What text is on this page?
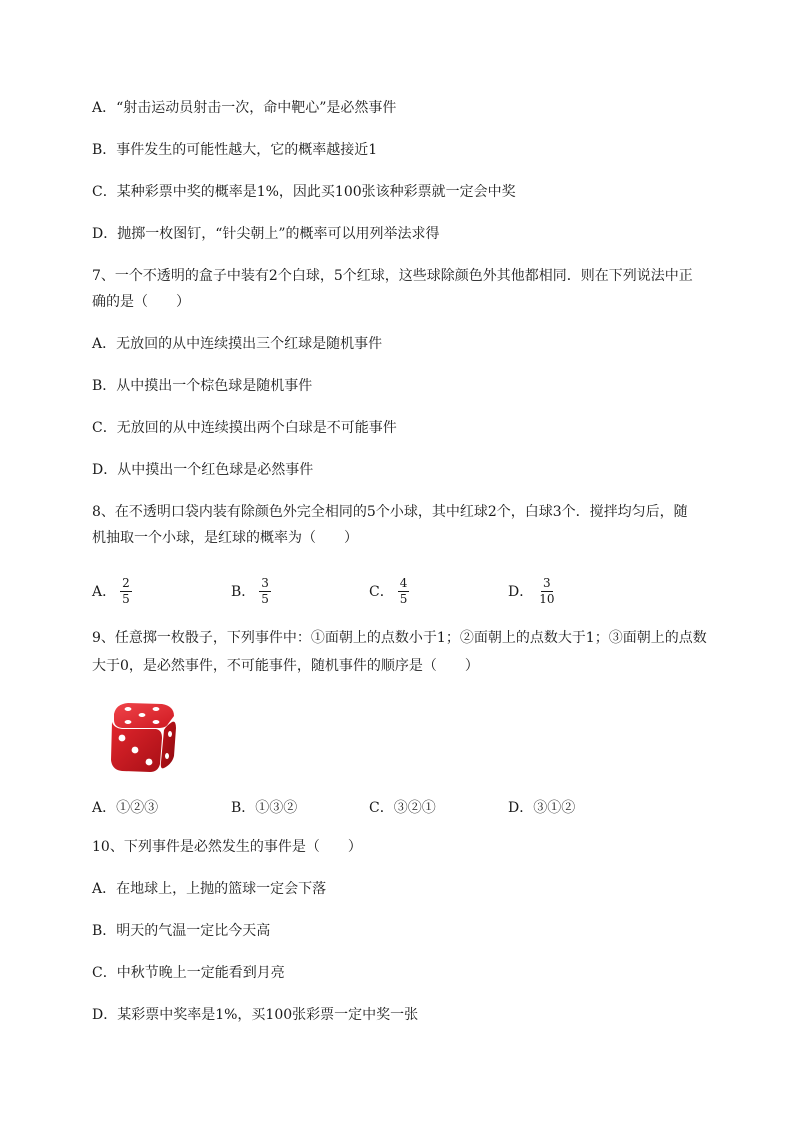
A．“射击运动员射击一次，命中靶心”是必然事件
B．事件发生的可能性越大，它的概率越接近1
C．某种彩票中奖的概率是1%，因此买100张该种彩票就一定会中奖
D．抛掷一枚图钉，“针尖朝上”的概率可以用列举法求得
7、一个不透明的盒子中装有2个白球，5个红球，这些球除颜色外其他都相同．则在下列说法中正
确的是（　　）
A．无放回的从中连续摸出三个红球是随机事件
B．从中摸出一个棕色球是随机事件
C．无放回的从中连续摸出两个白球是不可能事件
D．从中摸出一个红色球是必然事件
8、在不透明口袋内装有除颜色外完全相同的5个小球，其中红球2个，白球3个．搅拌均匀后，随
机抽取一个小球，是红球的概率为（　　）
A． $\frac{2}{5}$	B． $\frac{3}{5}$	C． $\frac{4}{5}$	D． $\frac{3}{10}$
9、任意掷一枚骰子，下列事件中：①面朝上的点数小于1；②面朝上的点数大于1；③面朝上的点数
大于0，是必然事件，不可能事件，随机事件的顺序是（　　）
A．①②③	B．①③②	C．③②①	D．③①②
10、下列事件是必然发生的事件是（　　）
A．在地球上，上抛的篮球一定会下落
B．明天的气温一定比今天高
C．中秋节晚上一定能看到月亮
D．某彩票中奖率是1%，买100张彩票一定中奖一张
